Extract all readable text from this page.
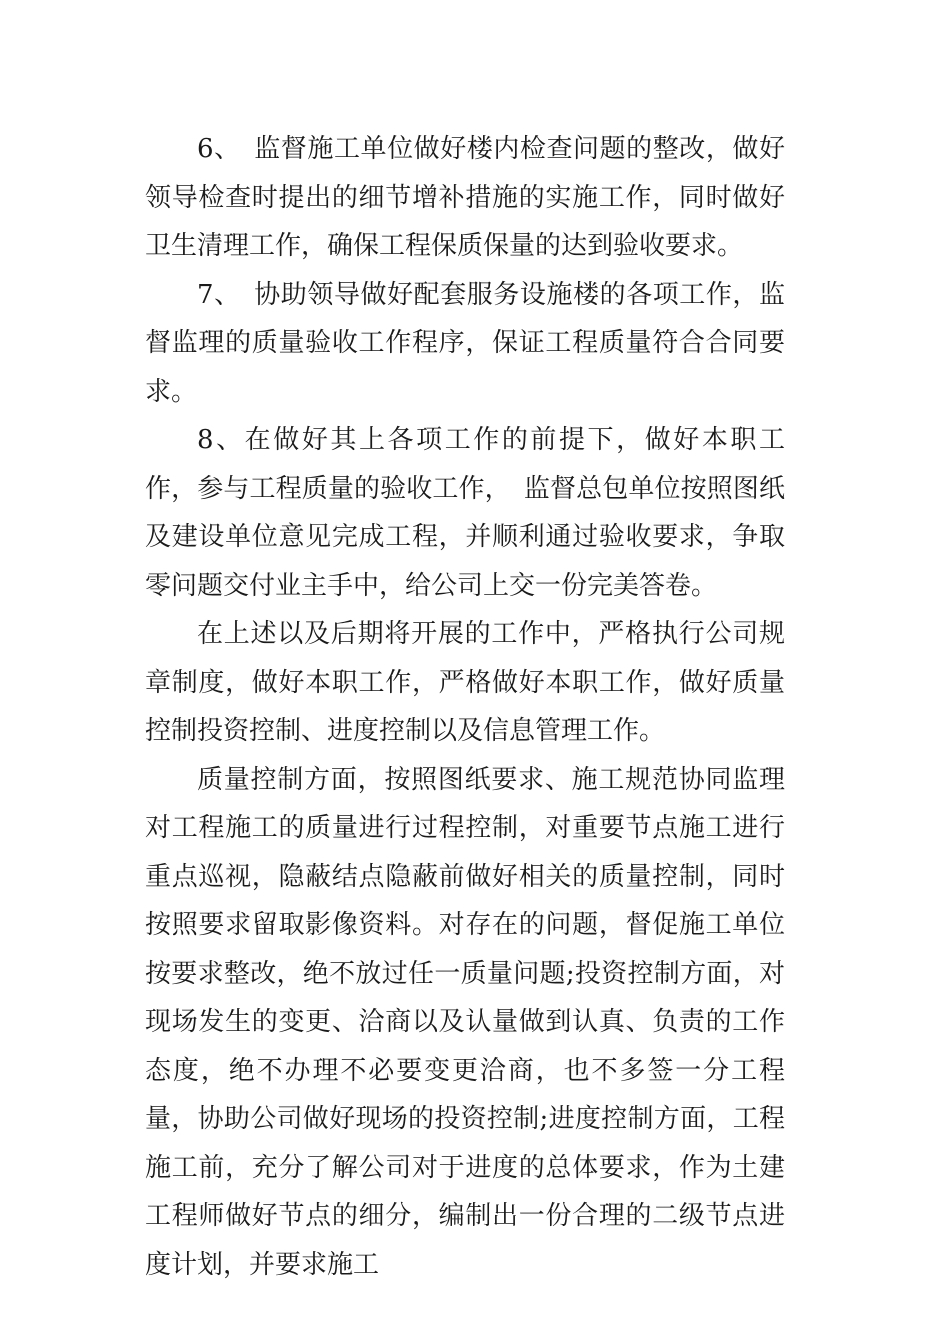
6、　监督施工单位做好楼内检查问题的整改，做好领导检查时提出的细节增补措施的实施工作，同时做好卫生清理工作，确保工程保质保量的达到验收要求。

7、　协助领导做好配套服务设施楼的各项工作，监督监理的质量验收工作程序，保证工程质量符合合同要求。

8、在做好其上各项工作的前提下，做好本职工作，参与工程质量的验收工作，　监督总包单位按照图纸及建设单位意见完成工程，并顺利通过验收要求，争取零问题交付业主手中，给公司上交一份完美答卷。

在上述以及后期将开展的工作中，严格执行公司规章制度，做好本职工作，严格做好本职工作，做好质量控制投资控制、进度控制以及信息管理工作。

质量控制方面，按照图纸要求、施工规范协同监理对工程施工的质量进行过程控制，对重要节点施工进行重点巡视，隐蔽结点隐蔽前做好相关的质量控制，同时按照要求留取影像资料。对存在的问题，督促施工单位按要求整改，绝不放过任一质量问题;投资控制方面，对现场发生的变更、洽商以及认量做到认真、负责的工作态度，绝不办理不必要变更洽商，也不多签一分工程量，协助公司做好现场的投资控制;进度控制方面，工程施工前，充分了解公司对于进度的总体要求，作为土建工程师做好节点的细分，编制出一份合理的二级节点进度计划，并要求施工
